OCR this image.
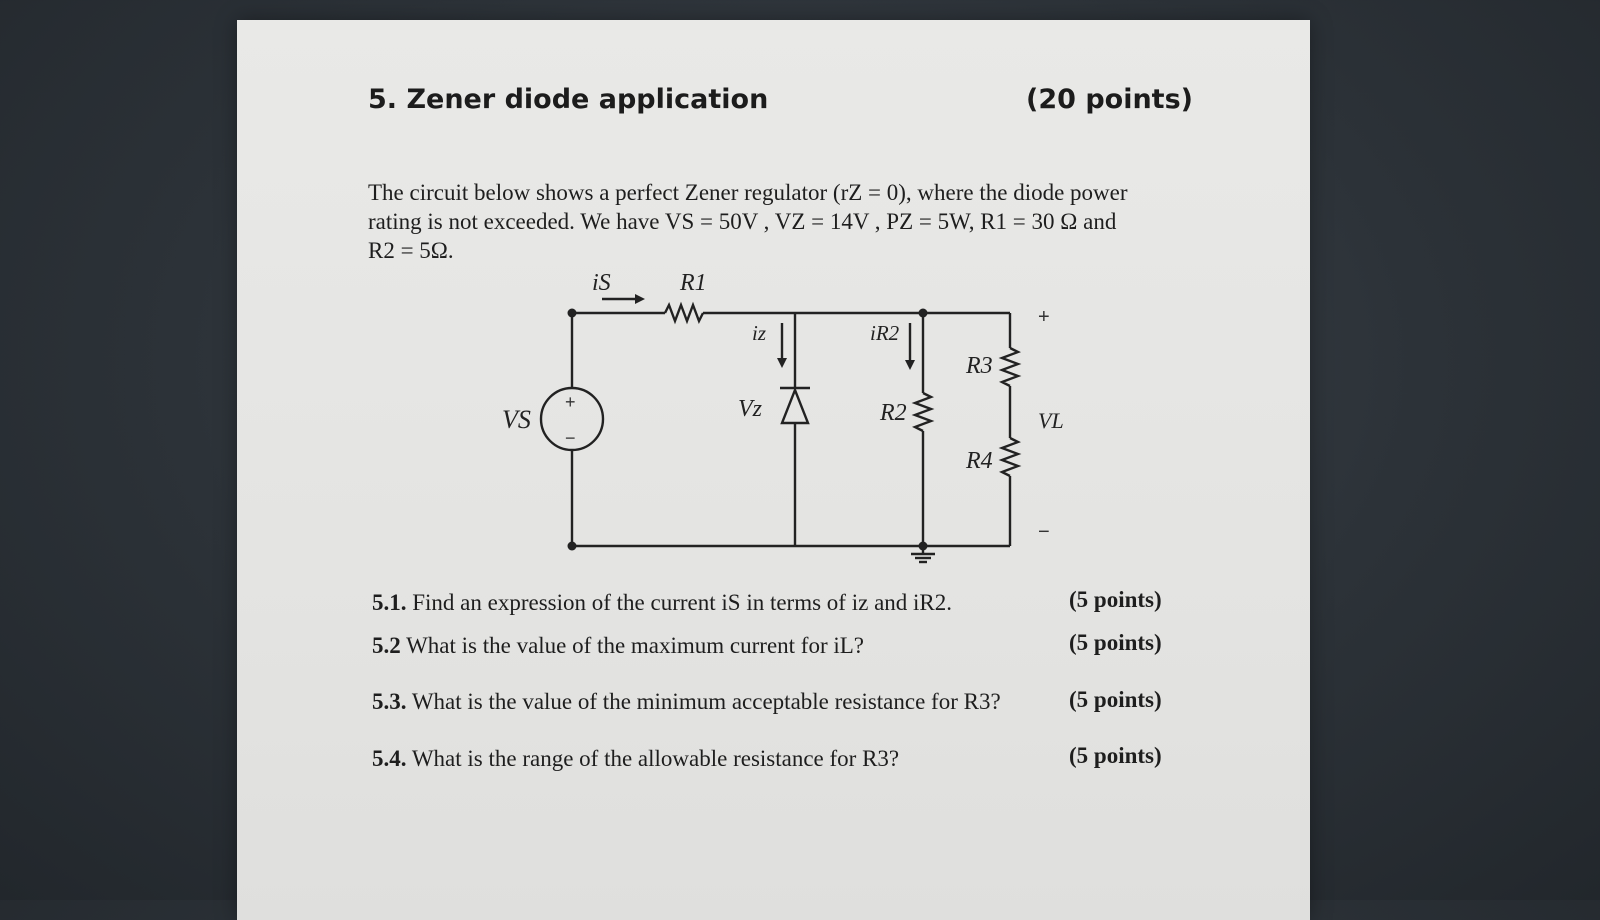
5. Zener diode application	(20 points)
The circuit below shows a perfect Zener regulator (rZ = 0), where the diode power
rating is not exceeded. We have VS = 50V , VZ = 14V , PZ = 5W, R1 = 30 Ω and
R2 = 5Ω.
iS	R1
iz	iR2
R3
R4
R2
VS	Vz	VL
+
−
+
−
5.1. Find an expression of the current iS in terms of iz and iR2.	(5 points)
5.2 What is the value of the maximum current for iL?	(5 points)
5.3. What is the value of the minimum acceptable resistance for R3?	(5 points)
5.4. What is the range of the allowable resistance for R3?	(5 points)
